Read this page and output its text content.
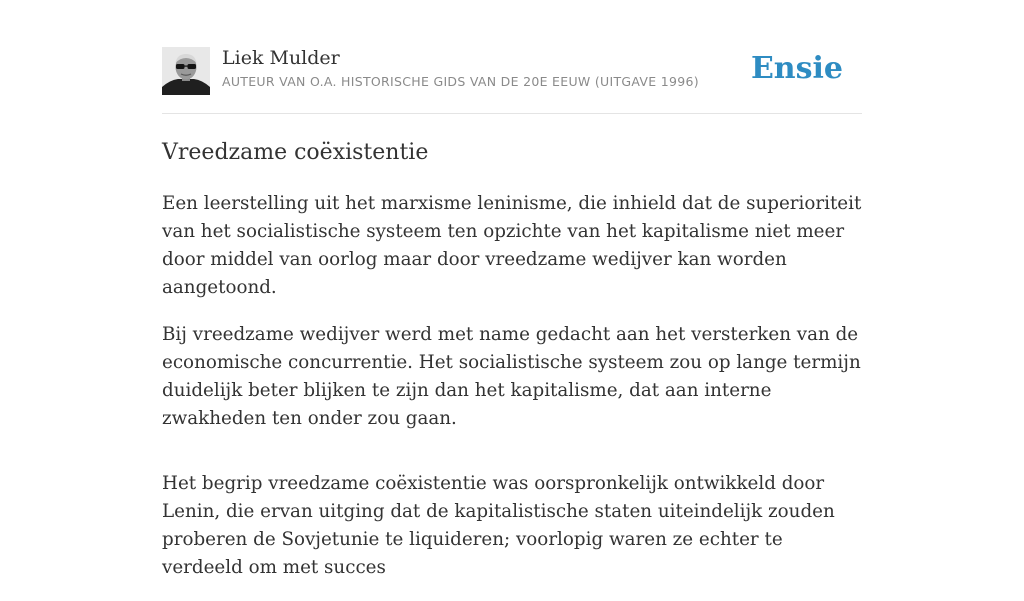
Liek Mulder
AUTEUR VAN O.A. HISTORISCHE GIDS VAN DE 20E EEUW (UITGAVE 1996) Ensie
Vreedzame coëxistentie

Een leerstelling uit het marxisme leninisme, die inhield dat de superioriteit van het socialistische systeem ten opzichte van het kapitalisme niet meer door middel van oorlog maar door vreedzame wedijver kan worden aangetoond.

Bij vreedzame wedijver werd met name gedacht aan het versterken van de economische concurrentie. Het socialistische systeem zou op lange termijn duidelijk beter blijken te zijn dan het kapitalisme, dat aan interne zwakheden ten onder zou gaan.

Het begrip vreedzame coëxistentie was oorspronkelijk ontwikkeld door Lenin, die ervan uitging dat de kapitalistische staten uiteindelijk zouden proberen de Sovjetunie te liquideren; voorlopig waren ze echter te verdeeld om met succes
